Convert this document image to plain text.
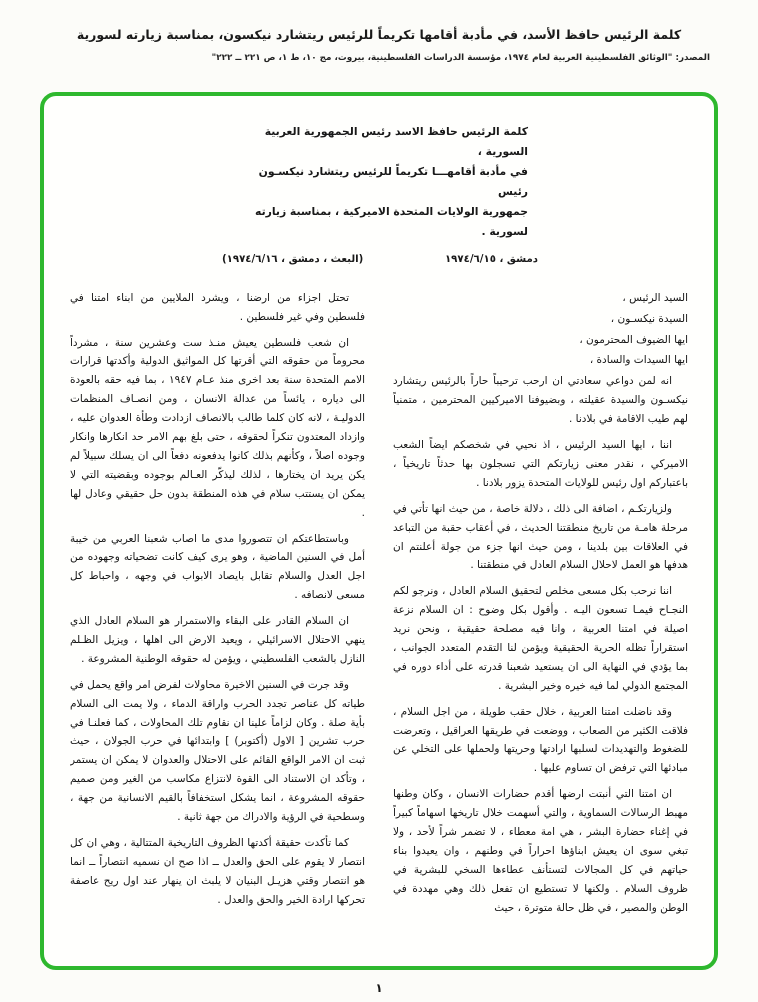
كلمة الرئيس حافظ الأسد، في مأدبة أقامها تكريماً للرئيس ريتشارد نيكسون، بمناسبة زيارته لسورية
المصدر: "الوثائق الفلسطينية العربية لعام ١٩٧٤، مؤسسة الدراسات الفلسطينية، بيروت، مج ١٠، ط ١، ص ٢٢١ ــ ٢٢٢"
كلمة الرئيس حافظ الاسد رئيس الجمهورية العربية السورية ،
في مأدبة أقامهـــا تكريماً للرئيس ريتشارد نيكسـون رئيس
جمهورية الولايات المتحدة الاميركية ، بمناسبة زيارته لسورية .
دمشق ، ١٩٧٤/٦/١٥
(البعث ، دمشق ، ١٩٧٤/٦/١٦)
السيد الرئيس ،
السيدة نيكسـون ،
ايها الضيوف المحترمون ،
ايها السيدات والسادة ،

انه لمن دواعي سعادتي ان ارحب ترحيباً حاراً بالرئيس ريتشارد نيكسـون والسيدة عقيلته ، وبضيوفنا الاميركيين المحترمين ، متمنياً لهم طيب الاقامة في بلادنا .

اننا ، ايها السيد الرئيس ، اذ نحيي في شخصكم ايضاً الشعب الاميركي ، نقدر معنى زيارتكم التي تسجلون بها حدثاً تاريخياً ، باعتباركم اول رئيس للولايات المتحدة يزور بلادنا .

ولزيارتكـم ، اضافة الى ذلك ، دلالة خاصة ، من حيث انها تأتي في مرحلة هامـة من تاريخ منطقتنا الحديث ، في أعقاب حقبة من التباعد في العلاقات بين بلدينا ، ومن حيث انها جزء من جولة أعلنتم ان هدفها هو العمل لاحلال السلام العادل في منطقتنا .

اننا نرحب بكل مسعى مخلص لتحقيق السلام العادل ، ونرجو لكم النجـاح فيمـا تسعون اليـه . وأقول بكل وضوح : ان السلام نزعة اصيلة في امتنا العربية ، وانا فيه مصلحة حقيقية ، ونحن نريد استقراراً تظله الحرية الحقيقية ويؤمن لنا التقدم المتعدد الجوانب ، بما يؤدي في النهاية الى ان يستعيد شعبنا قدرته على أداء دوره في المجتمع الدولي لما فيه خيره وخير البشرية .

وقد ناضلت امتنا العربية ، خلال حقب طويلة ، من اجل السلام ، فلاقت الكثير من الصعاب ، ووضعت في طريقها العراقيل ، وتعرضت للضغوط والتهديدات لسلبها ارادتها وحريتها ولحملها على التخلي عن مبادئها التي ترفض ان تساوم عليها .

ان امتنا التي أنبتت ارضها أقدم حضارات الانسان ، وكان وطنها مهبط الرسالات السماوية ، والتي أسهمت خلال تاريخها اسهاماً كبيراً في إغناء حضارة البشر ، هي امة معطاء ، لا تضمر شراً لأحد ، ولا تبغي سوى ان يعيش ابناؤها احراراً في وطنهم ، وان يعيدوا بناء حياتهم في كل المجالات لتستأنف عطاءها السخي للبشرية في ظروف السلام . ولكنها لا تستطيع ان تفعل ذلك وهي مهددة في الوطن والمصير ، في ظل حالة متوترة ، حيث

تحتل اجزاء من ارضنا ، ويشرد الملايين من ابناء امتنا في فلسطين وفي غير فلسطين .

ان شعب فلسطين يعيش منـذ ست وعشرين سنة ، مشرداً محروماً من حقوقه التي أقرتها كل المواثيق الدولية وأكدتها قرارات الامم المتحدة سنة بعد اخرى منذ عـام ١٩٤٧ ، بما فيه حقه بالعودة الى دياره ، يائساً من عدالة الانسان ، ومن انصـاف المنظمات الدوليـة ، لانه كان كلما طالب بالانصاف ازدادت وطأة العدوان عليه ، وازداد المعتدون تنكراً لحقوقه ، حتى بلغ بهم الامر حد انكارها وانكار وجوده اصلاً ، وكأنهم بذلك كانوا يدفعونه دفعاً الى ان يسلك سبيلاً لم يكن يريد ان يختارها ، لذلك ليذكّر العـالم بوجوده وبقضيته التي لا يمكن ان يستتب سلام في هذه المنطقة بدون حل حقيقي وعادل لها .

وباستطاعتكم ان تتصوروا مدى ما اصاب شعبنا العربي من خيبة أمل في السنين الماضية ، وهو يرى كيف كانت تضحياته وجهوده من اجل العدل والسلام تقابل بايصاد الابواب في وجهه ، واحباط كل مسعى لانصافه .

ان السلام القادر على البقاء والاستمرار هو السلام العادل الذي ينهي الاحتلال الاسرائيلي ، ويعيد الارض الى اهلها ، ويزيل الظـلم النازل بالشعب الفلسطيني ، ويؤمن له حقوقه الوطنية المشروعة .

وقد جرت في السنين الاخيرة محاولات لفرض امر واقع يحمل في طياته كل عناصر تجدد الحرب واراقة الدماء ، ولا يمت الى السلام بأية صلة . وكان لزاماً علينا ان نقاوم تلك المحاولات ، كما فعلنـا في حرب تشرين [ الاول (أكتوبر) ] وابتدائها في حرب الجولان ، حيث ثبت ان الامر الواقع القائم على الاحتلال والعدوان لا يمكن ان يستمر ، وتأكد ان الاستناد الى القوة لانتزاع مكاسب من الغير ومن صميم حقوقه المشروعة ، انما يشكل استخفافاً بالقيم الانسانية من جهة ، وسطحية في الرؤية والادراك من جهة ثانية .

كما تأكدت حقيقة أكدتها الظروف التاريخية المتتالية ، وهي ان كل انتصار لا يقوم على الحق والعدل ــ اذا صح ان نسميه انتصاراً ــ انما هو انتصار وقتي هزيـل البنيان لا يلبث ان ينهار عند اول ريح عاصفة تحركها ارادة الخير والحق والعدل .

١
